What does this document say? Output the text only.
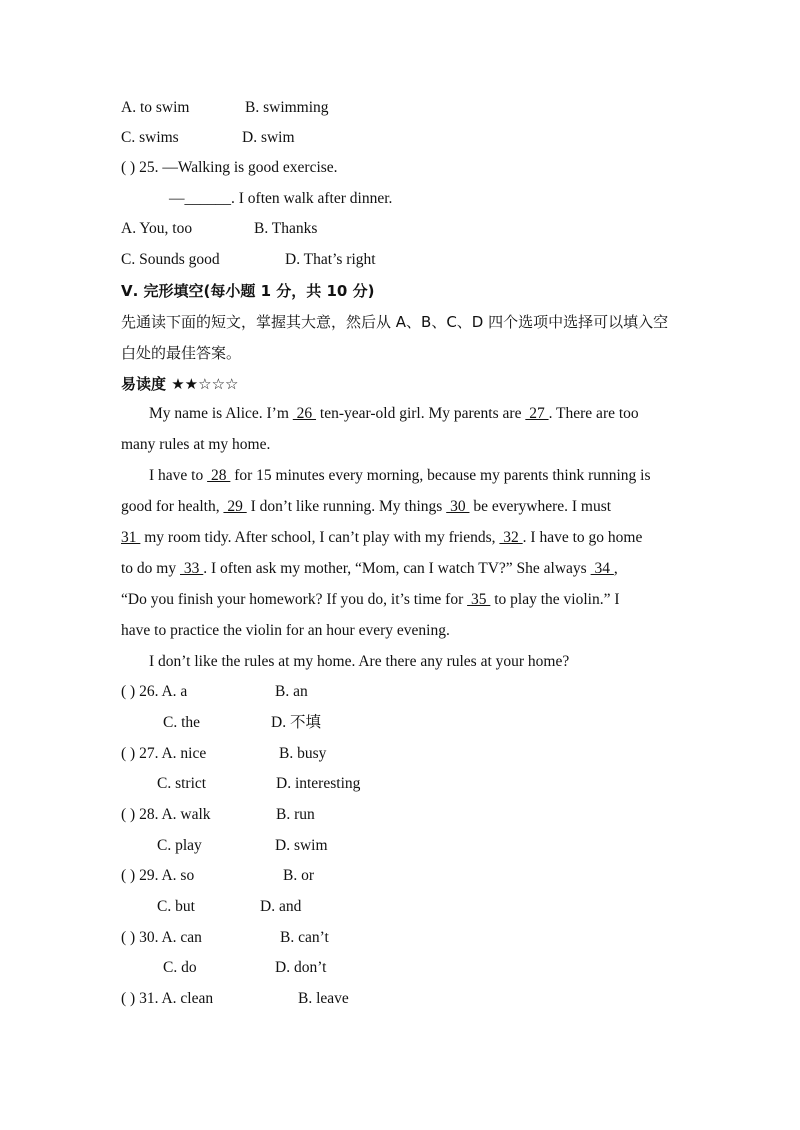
A. to swim	B. swimming
C. swims	D. swim
( ) 25. —Walking is good exercise.
—______. I often walk after dinner.
A. You, too	B. Thanks
C. Sounds good	D. That’s right
Ⅴ. 完形填空(每小题 1 分，共 10 分)
先通读下面的短文，掌握其大意，然后从 A、B、C、D 四个选项中选择可以填入空
白处的最佳答案。
易读度 ★★☆☆☆
My name is Alice. I’m  26  ten-year-old girl. My parents are  27 . There are too
many rules at my home.
I have to  28  for 15 minutes every morning, because my parents think running is
good for health,  29  I don’t like running. My things  30  be everywhere. I must
31  my room tidy. After school, I can’t play with my friends,  32 . I have to go home
to do my  33 . I often ask my mother, “Mom, can I watch TV?” She always  34 ,
“Do you finish your homework? If you do, it’s time for  35  to play the violin.” I
have to practice the violin for an hour every evening.
I don’t like the rules at my home. Are there any rules at your home?
( ) 26. A. a	B. an
C. the	D. 不填
( ) 27. A. nice	B. busy
C. strict	D. interesting
( ) 28. A. walk	B. run
C. play	D. swim
( ) 29. A. so	B. or
C. but	D. and
( ) 30. A. can	B. can’t
C. do	D. don’t
( ) 31. A. clean	B. leave
